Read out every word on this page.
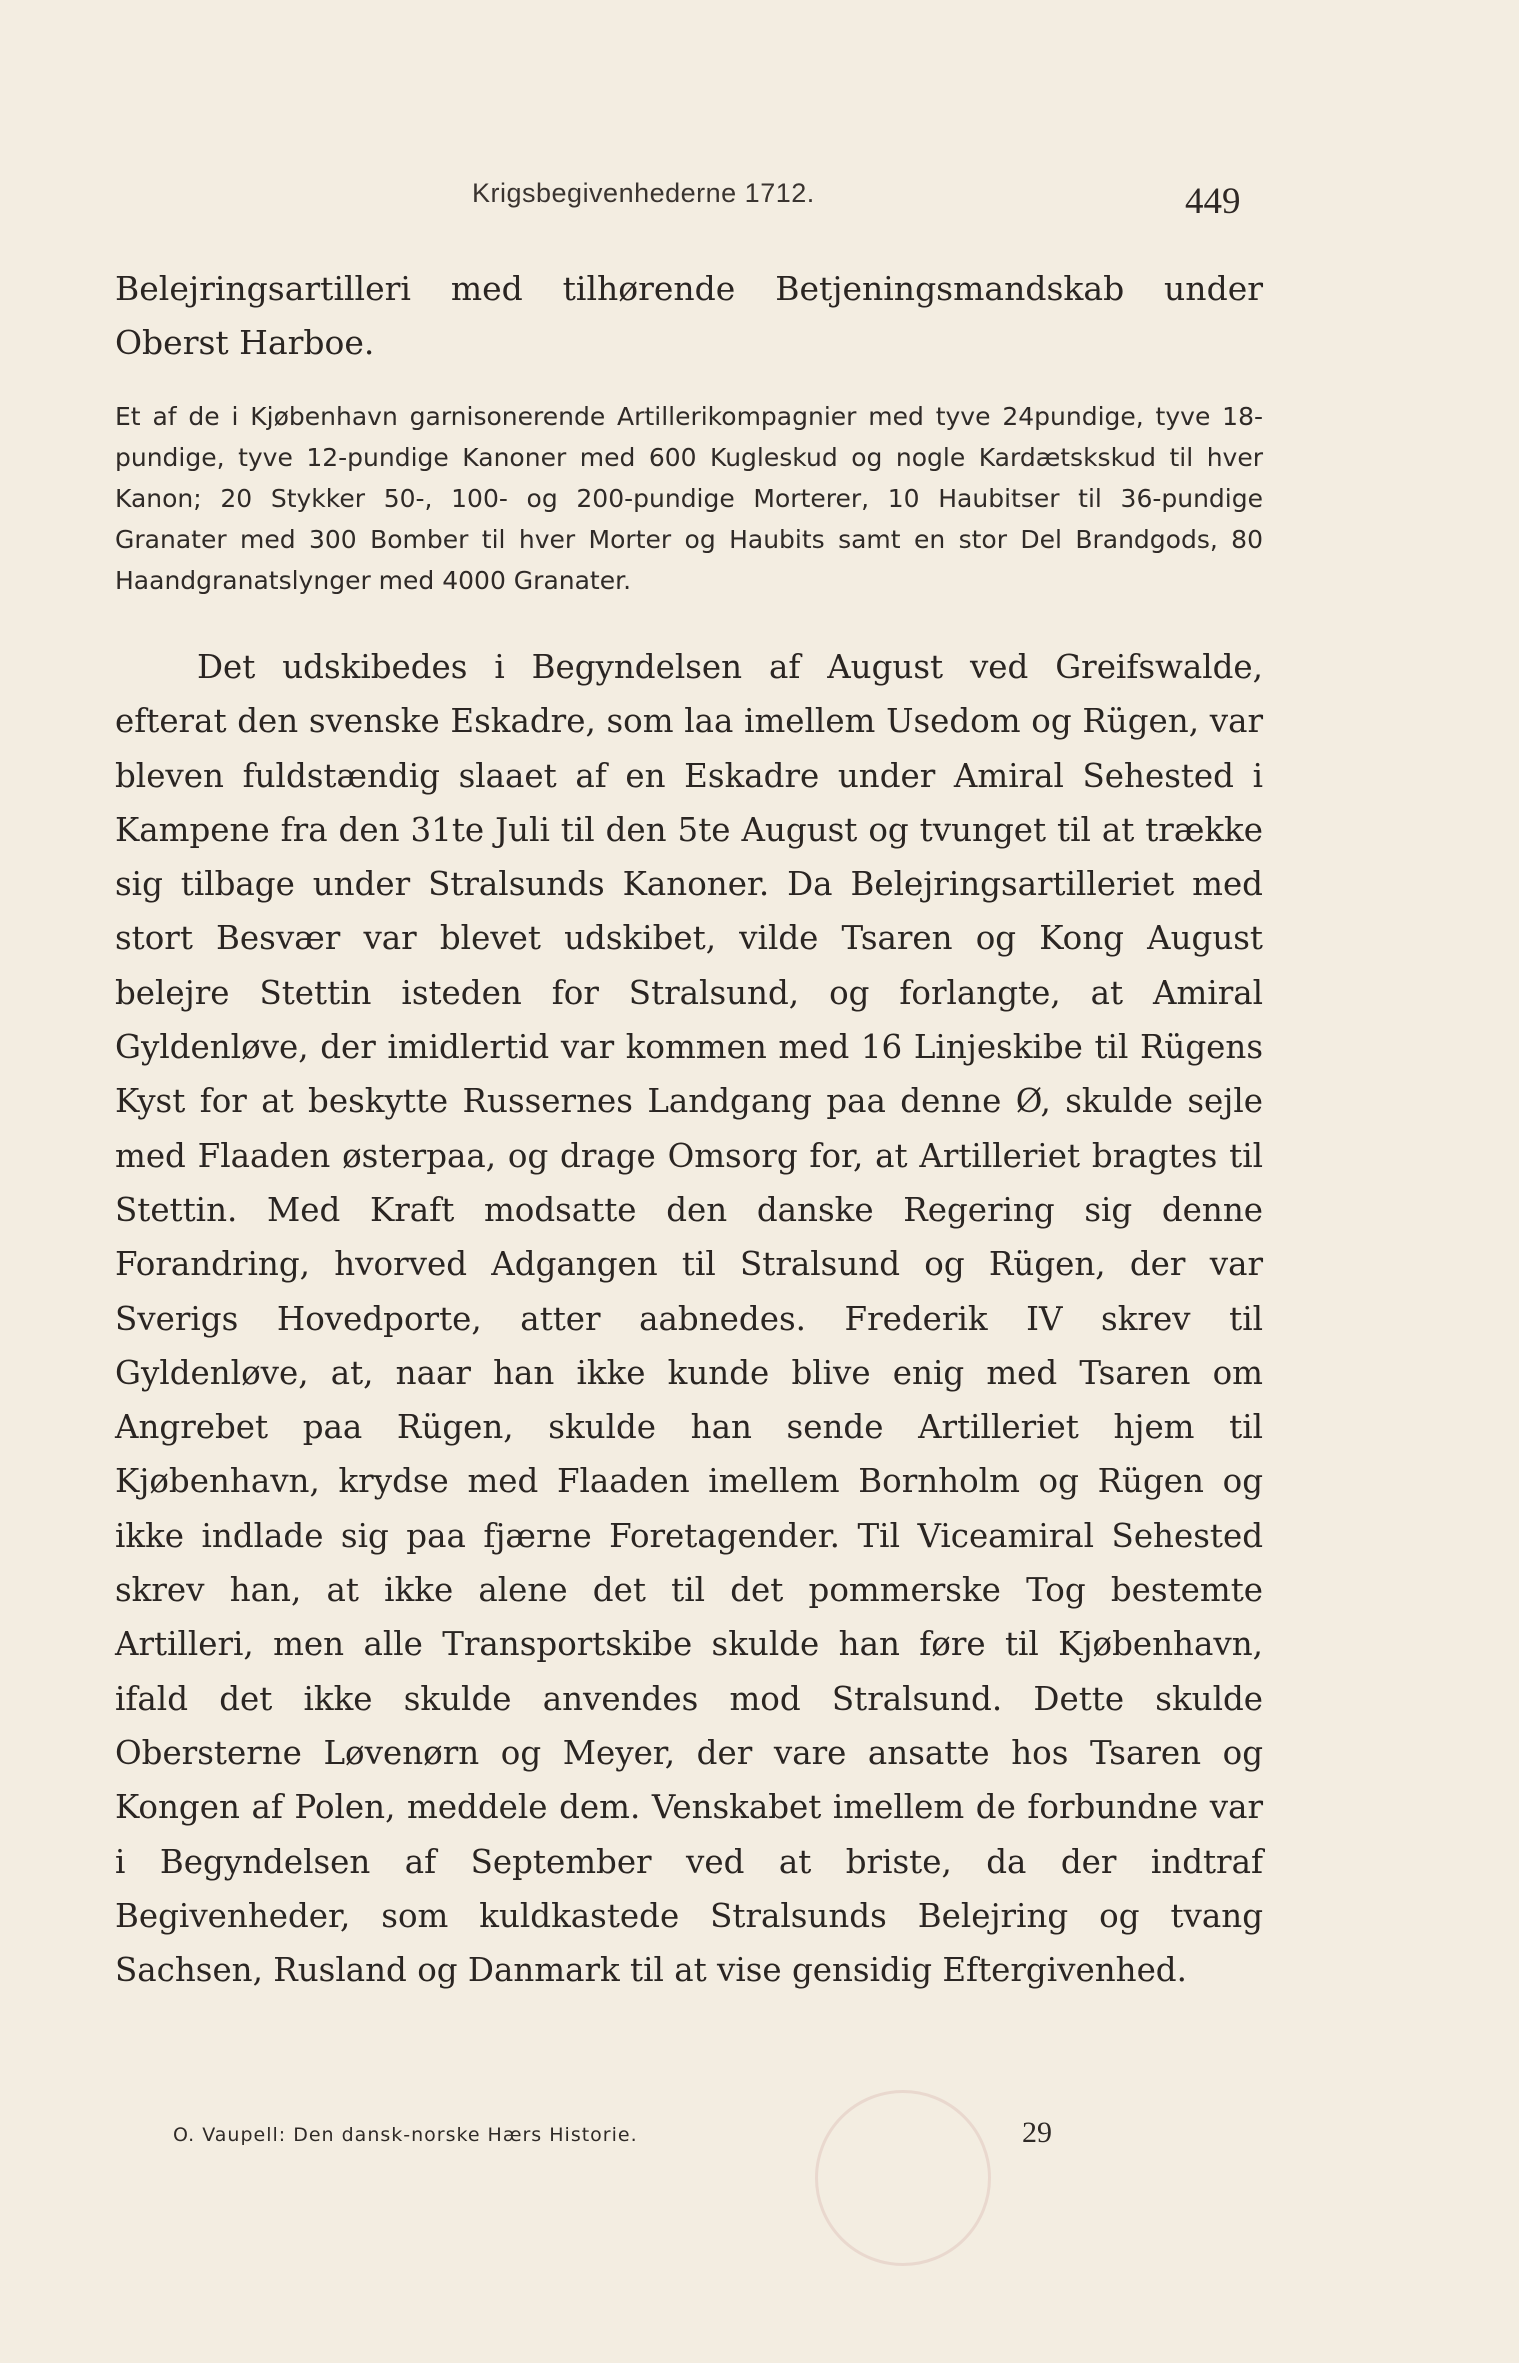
Krigsbegivenhederne 1712.	449

Belejringsartilleri med tilhørende Betjeningsmandskab under Oberst Harboe.

Et af de i Kjøbenhavn garnisonerende Artillerikompagnier med tyve 24pundige, tyve 18-pundige, tyve 12-pundige Kanoner med 600 Kugleskud og nogle Kardætskskud til hver Kanon; 20 Stykker 50-, 100- og 200-pundige Morterer, 10 Haubitser til 36-pundige Granater med 300 Bomber til hver Morter og Haubits samt en stor Del Brandgods, 80 Haandgranatslynger med 4000 Granater.

Det udskibedes i Begyndelsen af August ved Greifswalde, efterat den svenske Eskadre, som laa imellem Usedom og Rügen, var bleven fuldstændig slaaet af en Eskadre under Amiral Sehested i Kampene fra den 31te Juli til den 5te August og tvunget til at trække sig tilbage under Stralsunds Kanoner. Da Belejringsartilleriet med stort Besvær var blevet udskibet, vilde Tsaren og Kong August belejre Stettin isteden for Stralsund, og forlangte, at Amiral Gyldenløve, der imidlertid var kommen med 16 Linjeskibe til Rügens Kyst for at beskytte Russernes Landgang paa denne Ø, skulde sejle med Flaaden østerpaa, og drage Omsorg for, at Artilleriet bragtes til Stettin. Med Kraft modsatte den danske Regering sig denne Forandring, hvorved Adgangen til Stralsund og Rügen, der var Sverigs Hovedporte, atter aabnedes. Frederik IV skrev til Gyldenløve, at, naar han ikke kunde blive enig med Tsaren om Angrebet paa Rügen, skulde han sende Artilleriet hjem til Kjøbenhavn, krydse med Flaaden imellem Bornholm og Rügen og ikke indlade sig paa fjærne Foretagender. Til Viceamiral Sehested skrev han, at ikke alene det til det pommerske Tog bestemte Artilleri, men alle Transportskibe skulde han føre til Kjøbenhavn, ifald det ikke skulde anvendes mod Stralsund. Dette skulde Obersterne Løvenørn og Meyer, der vare ansatte hos Tsaren og Kongen af Polen, meddele dem. Venskabet imellem de forbundne var i Begyndelsen af September ved at briste, da der indtraf Begivenheder, som kuldkastede Stralsunds Belejring og tvang Sachsen, Rusland og Danmark til at vise gensidig Eftergivenhed.

O. Vaupell: Den dansk-norske Hærs Historie.	29
